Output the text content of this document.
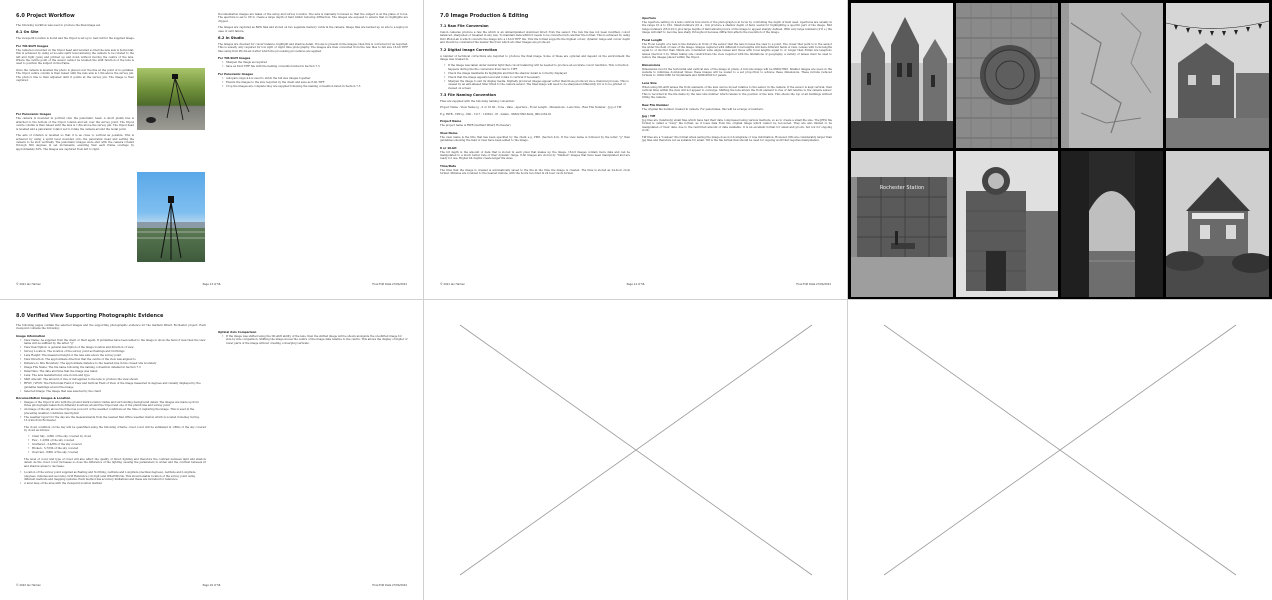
6.0 Project Workflow
The following workflow was used to produce the final image set.
6.1 On Site
The viewpoint location is found and the tripod is set up to best mirror the supplied image.
For Tilt-Shift Images
The camera is mounted on the tripod head and levelled so that the lens axis is horizontal; this is achieved by using a two-axis spirit level allowing the camera to be rotated to the left and right (yaw) and pitched up and down without moving the centre of the lens. Where the centre point of the sensor cannot be levelled the shift function of the lens is used to position the subject in the frame.
Once the camera is levelled the photo is placed over the line at the point of no parallax. The tripod centre column is then raised until the lens axis is 1.6m above the survey pin. The photo's line is then adjusted until it points at the survey pin. The image is then captured.
For Panoramic Images
The camera is mounted in portrait onto the panoramic head. A short plumb line is attached to the bottom of the tripod column and set over the survey point. The tripod centre column is then raised until the lens is 1.6m above the survey pin. The tripod head is levelled and a panoramic rotator set to rotate the camera around the nodal point.
The axis of rotation is levelled so that it is as close to vertical as possible. This is achieved by using a spirit level mounted onto the panoramic head and setting the camera to be shot vertically. The panoramic images were shot with the camera rotated through 360 degrees in set increments, ensuring that each frame overlaps by approximately 30%. The images are captured from left to right.
Documentation images are taken of the setup and survey location. The lens is manually focussed so that the subject is at the plane of focus. The aperture is set to f/8 to create a large depth of field whilst reducing diffraction. The images are exposed to ensure that no highlights are clipped.
The images are captured as RAW files and stored on two separate memory cards in the camera. Image files are backed up on site to a laptop in case of card failure.
6.2 In Studio
The images are checked for colour balance, highlight and shadow detail. If noise is present in the images, then this is corrected for as required. This is usually only required for low light or night time photography. The images are then converted from the raw files to full size 16-bit TIFF files using DxO PhotoLab 4 after which the processing procedures are applied.
For Tilt-Shift Images
• Sharpen the image as required
• Save as 8-bit TIFF file with the naming convention listed in Section 7.3
For Panoramic Images
• Autopano Giga 4.4 is used to stitch the full size images together
• Ensure the images to the size required by the client and save as 8-bit TIFF
• Crop the images are complete they are supplied following the naming convention listed in Section 7.3
© 2021 Ian Haman	Page 13 of 56	Final Edit Date 27/04/2021
7.0 Image Production & Editing
7.1 Raw File Conversion
Canon cameras produce a raw file which is an unmanipulated download direct from the sensor. The raw file has not been modified, colour balanced, sharpened or tweaked in any way. To maintain data within it needs to be converted into another file format. This is achieved by using DxO PhotoLab 4 which converts the image into a 16-bit TIFF file. This file format supports the highest colour, dynamic range and colour depth and should be considered the master file from which all other images are produced.
7.2 Digital Image Correction
A number of technical corrections are required to produce the final image. Some of these are optional and depend on the environment the image was created in.
• If the image was taken under natural light then colour balancing will be needed to produce an accurate colour rendition. This correction happens during the file conversion from raw to TIFF
• Check the image maintains its highlights and that the shadow detail is correctly displayed
• Check that the image appears level and rotate to vertical if necessary
• Sharpen the image to suit its display media. Digitally produced images appear softer than those produced via a chemical process. This is caused by an anti-aliased filter fitted to the camera sensor. The final image will need to be sharpened differently if it is to be printed or viewed on screen
7.3 File Naming Convention
Files are supplied with the following naming convention:
Project Name - View Name (g - 0 or 16 bit - Tone - Date - Aperture - Focal Length - Dimensions - Lens Size - Raw File Number - Jpg or Tiff
E.g. RWB - VP01g - 8bit - 1217 - 120622 - f8 - 24mm - 9660x7893-6mm_IMG1234.tif
Project Name
The project name is RWB (Garfield Wharf, Rochester)
View Name
The view name is the title that has been specified by the client e.g. VP01 (Section 4.0). If the view name is followed by the letter "g" then guidelines showing the field of view have been added to the image.
8 or 16-bit
The bit depth is the amount of data that is stored in each pixel that makes up the image. 16-bit images contain more data and can be manipulated to a much better rate of finer dynamic range. 8-bit images are stored by "finished" images that have been manipulated and are ready for use. Higher bit depths create larger file sizes.
Time/Date
The time that the image is created is automatically saved to the file at the time the image is created. The time is stored as 24-hour clock format. Minutes are rounded to the nearest minute, with the hours recorded in 24 hour clock format.
Aperture
The Aperture setting on a lens controls how much of the photograph is in focus by controlling the depth of field used. Apertures are usually in the range f/1.4 to f/22. Small numbers (f/1.4 - f/4) produce a shallow depth of field, useful for highlighting a specific part of the image. Mid range numbers (f/5.6-f/11) give large depths of field allowing more of the image to appear sharply defined. With very large numbers (f/11+) the image will start to become less sharp throughout because diffraction affects the resolution of the image.
Focal Length
The Focal Length of a lens is the distance in front of the sensor that the lens focuses the view to a point. The closer that point is to the sensor the wider the field of view of the image. Images captured with different focal lengths will have different fields of view. Lenses with focal lengths equal to or shorter than 50mm are considered wide angle lenses and those with focal lengths equal to or longer than 50mm are telephoto lenses (Section 5.0). When taking site constrictions the view required with the limitations of geography, a variety of lenses must be used to reduce the images placed within the tripod.
Dimensions
Dimensions record the horizontal and vertical size of the image in pixels. A full size image will be 9660x7893. Smaller images are used on the website to minimise download times; these images will be scaled to a set proportion to achieve these dimensions. These include reduced formats to 1920x1080 for thumbnails and 3000x2000 for panels.
Lens Size
When using tilt-shift lenses the front elements of the lens can be moved relative to the sensor in the camera. If the sensor is kept vertical, then vertical lines within the view will not appear to converge. Shifting the lens allows the front element to rise or fall relative to the camera sensor. This is recorded in the file name by the lens size number which relates to the position of the lens. This shows the top of all buildings without tilting the camera.
Raw File Number
The original file number created in camera. For panoramas, this will be a range of numbers.
Jpg / Tiff
Jpg files are (relatively) small files which have had their data compressed using various methods, so as to create a small file size. The JPEG file format is called a "lossy" file format, as it loses data from the original image which cannot be recovered. They are also limited to be manipulated or their data, due to the restricted amount of data available. It is an excellent format for email and proofs, but not for ongoing work.
Tiff files are a "lossless" file format when saving the image does not downgrade or lose information. However, tiffs are considerably larger than jpg files and therefore not as suitable for email. Tiff is the file format that should be used for ongoing work that requires manipulation.
© 2021 Ian Haman	Page 14 of 56	Final Edit Date 27/04/2021
Rochester Station
8.0 Verified View Supporting Photographic Evidence
The following pages contain the selected images and the supporting photographic evidence for the Garfield Wharf, Rochester project. Each viewpoint contains the following:
Image Information
• View Name: As supplied from the client or their agent. If guidelines have been added to the image to show the field of view then the view name will be suffixed by the letter "g"
• View Description: A general description of the image location and direction of view
• Survey Location: The location of the survey point as Eastings and Northings
• Lens Height: The measured height of the lens axis above the survey point
• View Direction: The approximate direction that the centre of the view was aligned to
• Distance to Site Boundary: The approximate distance to the nearest line in the closest site boundary
• Image File Name: The file name following the naming convention detailed in Section 7.3
• Date/Time: The date and time that the image was taken
• Lens: The lens manufacturer, size in mm and type
• Shift Amount: The amount of rise or fall applied to the lens to produce the view shown
• HFOV / VFOV: The Horizontal Field of View and Vertical Field of View of the image measured in degrees and visually displayed by the guideline markings around the image
• Selected Image: The image that was selected by the client
Documentation Images & Location
• Images of the tripod in situ with the ground mark location visible and surrounding background detail. The images are made up from three photographs taken from different locations around the tripod and one of the plumb line and survey point
• An image of the sky above the tripod as a record of the weather conditions at the time of capturing the image. This is used in the preceding weather conditions description
• The weather report for the day are the measurements from the nearest Met Office weather station which is located in Kenley Surrey, 15.4 km from Rochester
The cloud condition on the day will be quantified using the following criteria, cloud cover will be estimated in 1/8ths of the sky covered by cloud as follows:
• Clear Sky - 0/8th of the sky covered by cloud
• Few - 1-2/8th of the sky covered
• Scattered - 3-4/8th of the sky covered
• Broken - 5-7/8th of the sky covered
• Overcast - 8/8th of the sky covered
The level of cover and type of cloud will also affect the quality of direct lighting and therefore the contrast between light and shadow detail. As the cloud cover increases so does the difference of the lighting causing the parameters to widen and the contrast between lit and shadow areas to decrease.
• Location of the survey point supplied as Easting and Northing, Latitude and Longitude (decimal degrees), Latitude and Longitude (degrees, minutes and seconds), Grid Reference (10 digit) and What3Words. This should enable location of the survey point using different methods and mapping systems. Each method has accuracy limitations and these are included for reference
• A level map of the area with the viewpoint location marked
Optical Axis Comparison
• If the image was shifted using the tilt-shift ability of the lens, then the shifted image will be shown alongside the un-shifted image for side by side comparison. Shifting the image moves the centre of the image data relative to the centre. This allows the display of higher or lower parts of the image without creating converging verticals.
© 2022 Ian Haman	Page 16 of 56	Final Edit Date 27/04/2022
